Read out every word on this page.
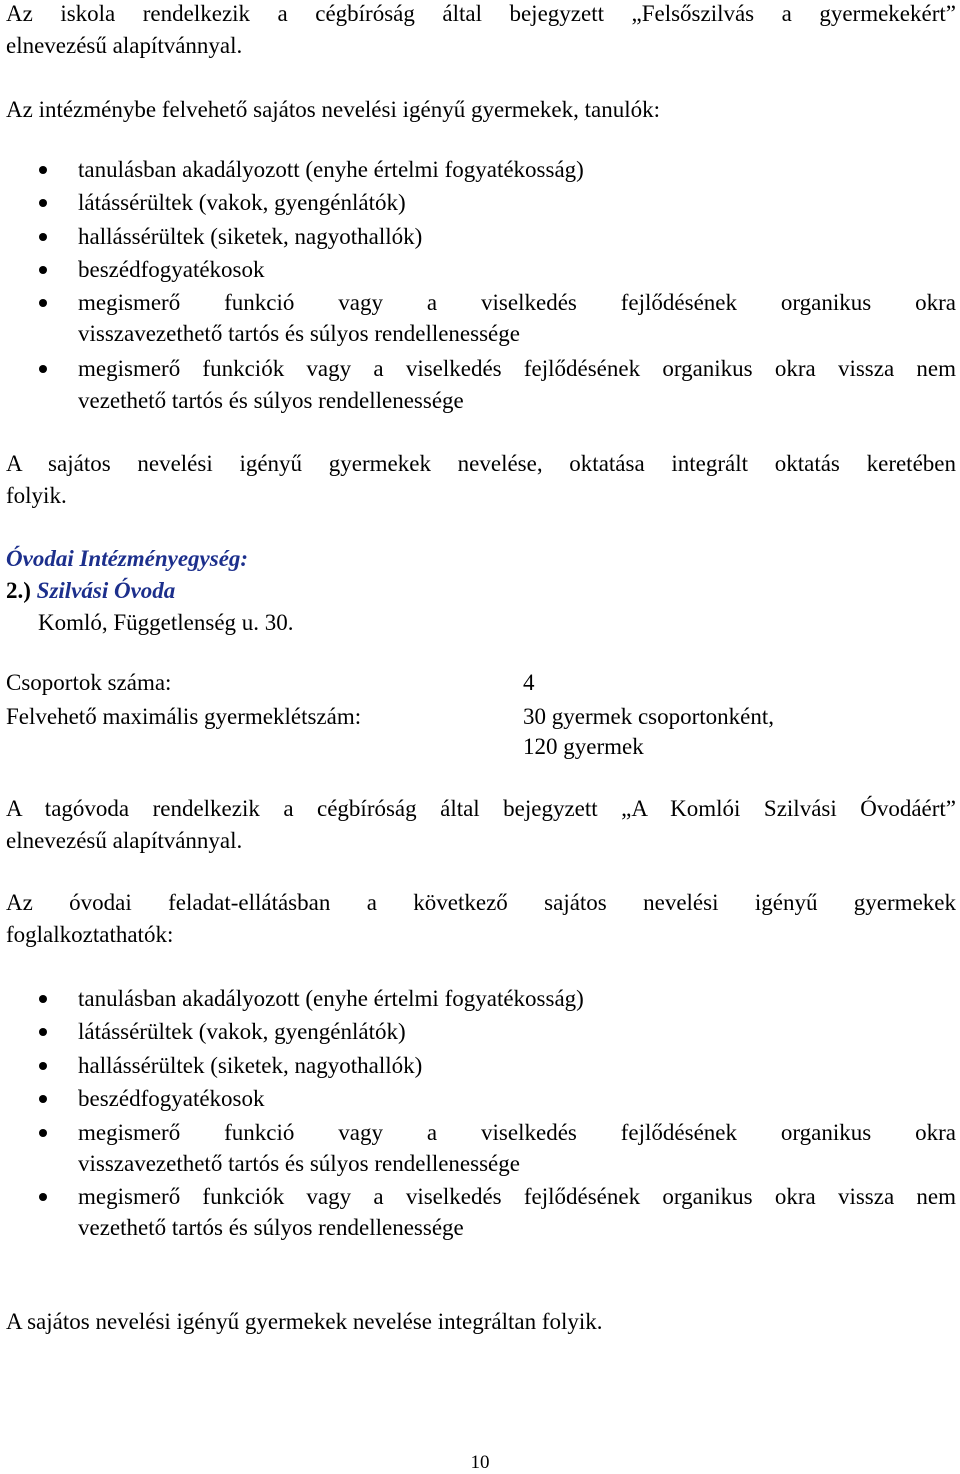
Az iskola rendelkezik a cégbíróság által bejegyzett „Felsőszilvás a gyermekekért”
elnevezésű alapítvánnyal.
Az intézménybe felvehető sajátos nevelési igényű gyermekek, tanulók:
tanulásban akadályozott (enyhe értelmi fogyatékosság)
látássérültek (vakok, gyengénlátók)
hallássérültek (siketek, nagyothallók)
beszédfogyatékosok
megismerő funkció vagy a viselkedés fejlődésének organikus okra
visszavezethető tartós és súlyos rendellenessége
megismerő funkciók vagy a viselkedés fejlődésének organikus okra vissza nem
vezethető tartós és súlyos rendellenessége
A sajátos nevelési igényű gyermekek nevelése, oktatása integrált oktatás keretében
folyik.
Óvodai Intézményegység:
2.) Szilvási Óvoda
Komló, Függetlenség u. 30.
Csoportok száma:	4
Felvehető maximális gyermeklétszám:	30 gyermek csoportonként,
120 gyermek
A tagóvoda rendelkezik a cégbíróság által bejegyzett „A Komlói Szilvási Óvodáért”
elnevezésű alapítvánnyal.
Az óvodai feladat-ellátásban a következő sajátos nevelési igényű gyermekek
foglalkoztathatók:
tanulásban akadályozott (enyhe értelmi fogyatékosság)
látássérültek (vakok, gyengénlátók)
hallássérültek (siketek, nagyothallók)
beszédfogyatékosok
megismerő funkció vagy a viselkedés fejlődésének organikus okra
visszavezethető tartós és súlyos rendellenessége
megismerő funkciók vagy a viselkedés fejlődésének organikus okra vissza nem
vezethető tartós és súlyos rendellenessége
A sajátos nevelési igényű gyermekek nevelése integráltan folyik.
10
